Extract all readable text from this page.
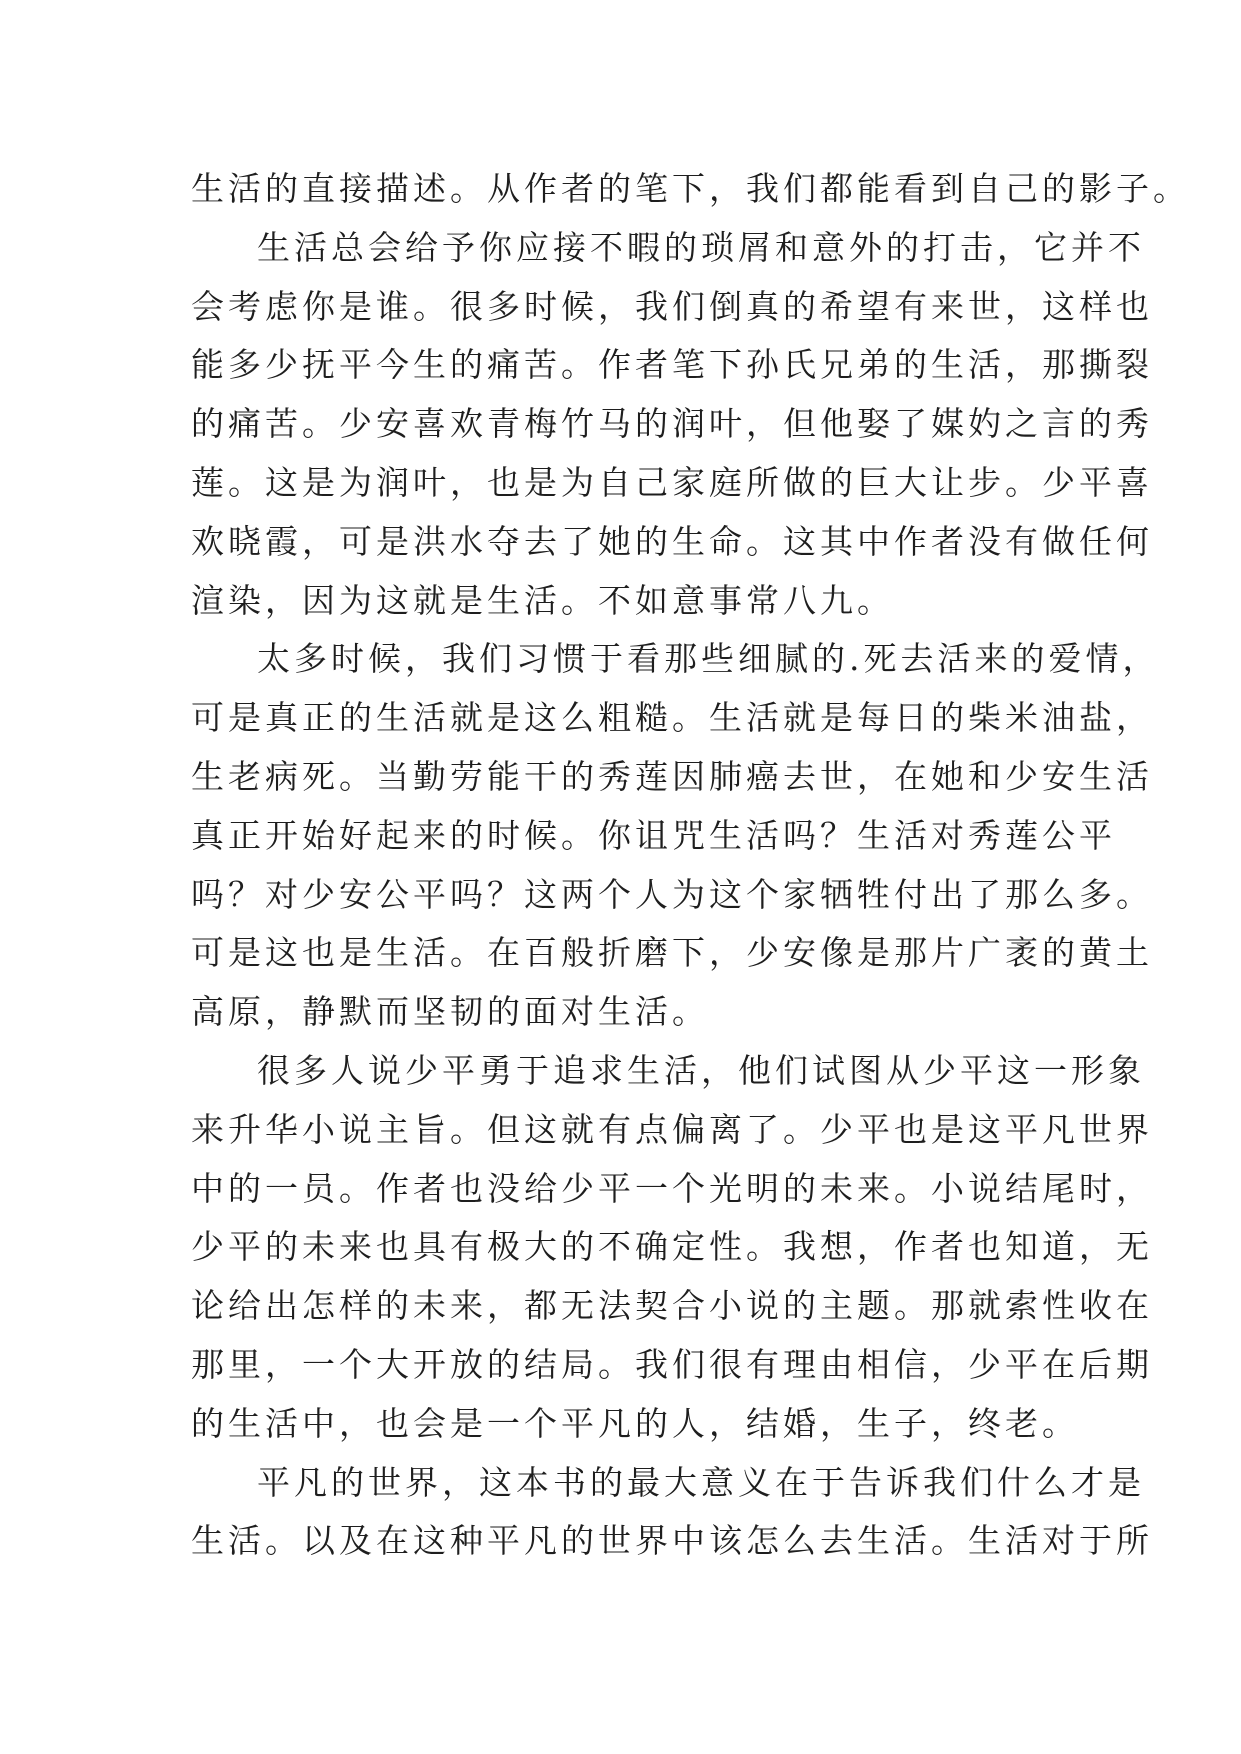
生活的直接描述。从作者的笔下，我们都能看到自己的影子。
生活总会给予你应接不暇的琐屑和意外的打击，它并不
会考虑你是谁。很多时候，我们倒真的希望有来世，这样也
能多少抚平今生的痛苦。作者笔下孙氏兄弟的生活，那撕裂
的痛苦。少安喜欢青梅竹马的润叶，但他娶了媒妁之言的秀
莲。这是为润叶，也是为自己家庭所做的巨大让步。少平喜
欢晓霞，可是洪水夺去了她的生命。这其中作者没有做任何
渲染，因为这就是生活。不如意事常八九。
太多时候，我们习惯于看那些细腻的.死去活来的爱情，
可是真正的生活就是这么粗糙。生活就是每日的柴米油盐，
生老病死。当勤劳能干的秀莲因肺癌去世，在她和少安生活
真正开始好起来的时候。你诅咒生活吗？生活对秀莲公平
吗？对少安公平吗？这两个人为这个家牺牲付出了那么多。
可是这也是生活。在百般折磨下，少安像是那片广袤的黄土
高原，静默而坚韧的面对生活。
很多人说少平勇于追求生活，他们试图从少平这一形象
来升华小说主旨。但这就有点偏离了。少平也是这平凡世界
中的一员。作者也没给少平一个光明的未来。小说结尾时，
少平的未来也具有极大的不确定性。我想，作者也知道，无
论给出怎样的未来，都无法契合小说的主题。那就索性收在
那里，一个大开放的结局。我们很有理由相信，少平在后期
的生活中，也会是一个平凡的人，结婚，生子，终老。
平凡的世界，这本书的最大意义在于告诉我们什么才是
生活。以及在这种平凡的世界中该怎么去生活。生活对于所
